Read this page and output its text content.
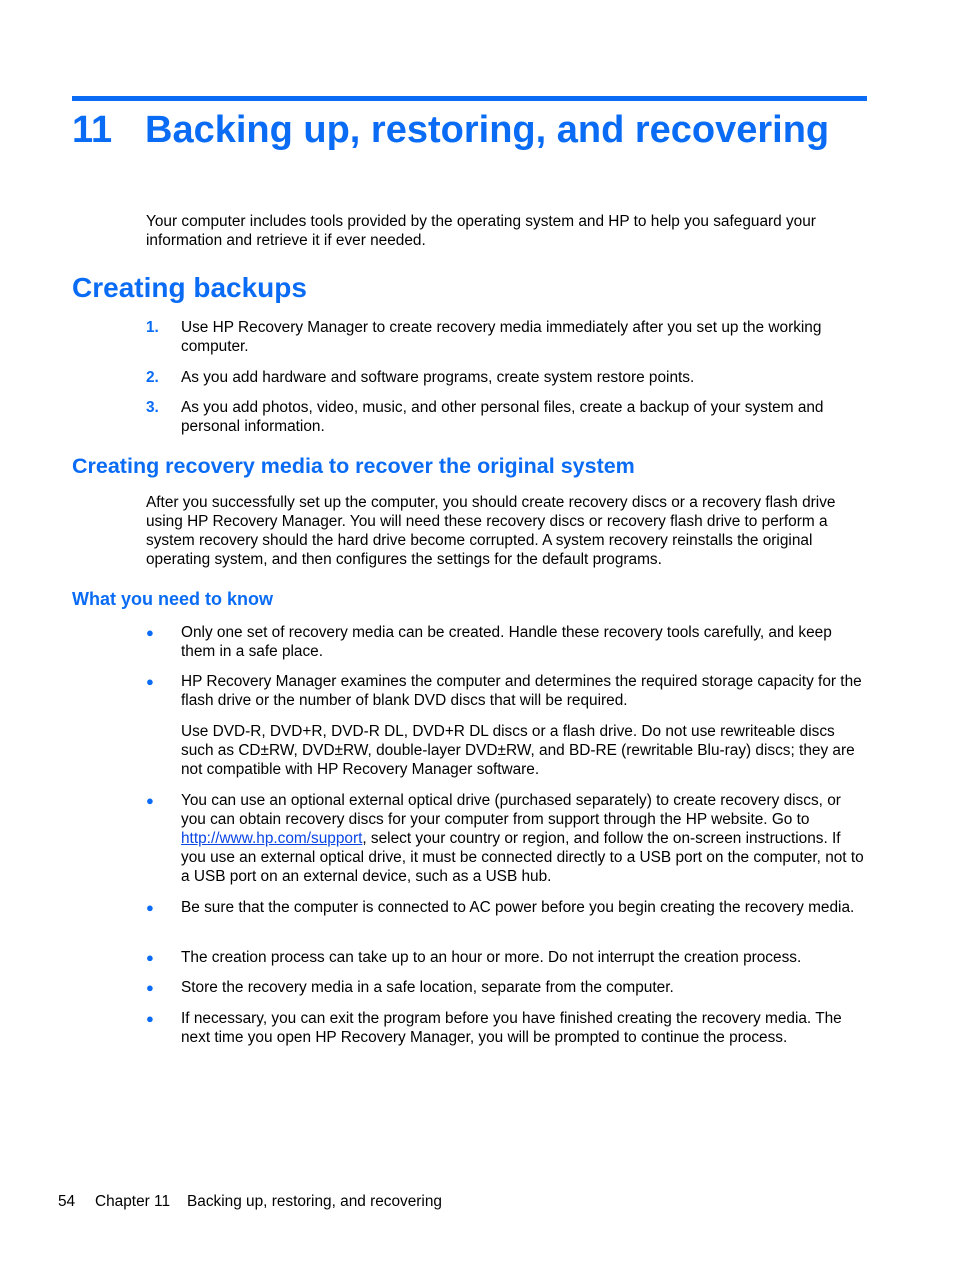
11 Backing up, restoring, and recovering

Your computer includes tools provided by the operating system and HP to help you safeguard your information and retrieve it if ever needed.

Creating backups
1. Use HP Recovery Manager to create recovery media immediately after you set up the working computer.
2. As you add hardware and software programs, create system restore points.
3. As you add photos, video, music, and other personal files, create a backup of your system and personal information.
Creating recovery media to recover the original system

After you successfully set up the computer, you should create recovery discs or a recovery flash drive using HP Recovery Manager. You will need these recovery discs or recovery flash drive to perform a system recovery should the hard drive become corrupted. A system recovery reinstalls the original operating system, and then configures the settings for the default programs.

What you need to know
● Only one set of recovery media can be created. Handle these recovery tools carefully, and keep them in a safe place.
● HP Recovery Manager examines the computer and determines the required storage capacity for the flash drive or the number of blank DVD discs that will be required.
Use DVD-R, DVD+R, DVD-R DL, DVD+R DL discs or a flash drive. Do not use rewriteable discs such as CD±RW, DVD±RW, double-layer DVD±RW, and BD-RE (rewritable Blu-ray) discs; they are not compatible with HP Recovery Manager software.
● You can use an optional external optical drive (purchased separately) to create recovery discs, or you can obtain recovery discs for your computer from support through the HP website. Go to http://www.hp.com/support, select your country or region, and follow the on-screen instructions. If you use an external optical drive, it must be connected directly to a USB port on the computer, not to a USB port on an external device, such as a USB hub.
● Be sure that the computer is connected to AC power before you begin creating the recovery media.
● The creation process can take up to an hour or more. Do not interrupt the creation process.
● Store the recovery media in a safe location, separate from the computer.
● If necessary, you can exit the program before you have finished creating the recovery media. The next time you open HP Recovery Manager, you will be prompted to continue the process.
54 Chapter 11 Backing up, restoring, and recovering
